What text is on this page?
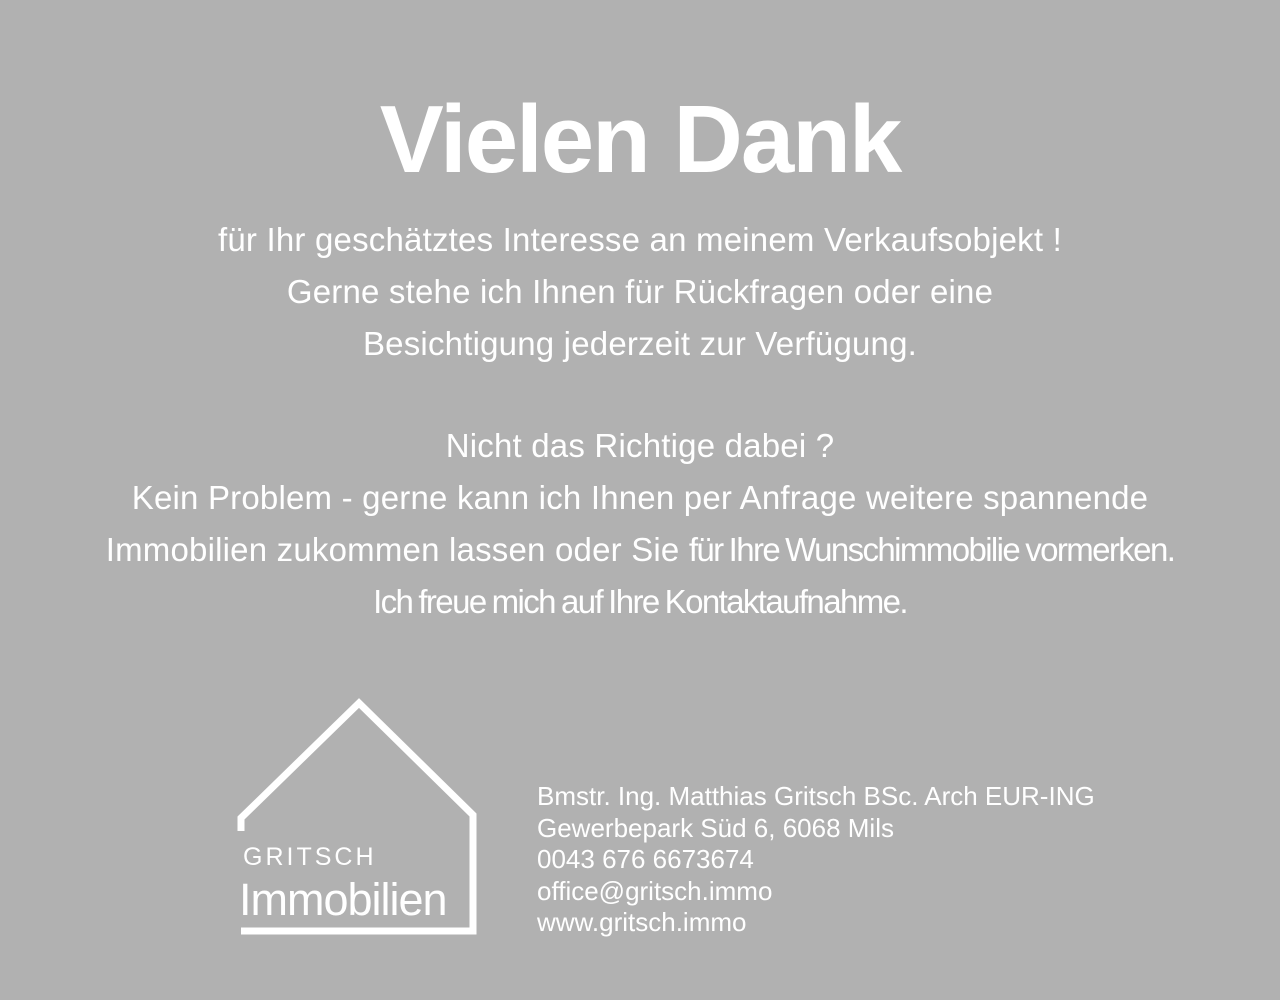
Vielen Dank
für Ihr geschätztes Interesse an meinem Verkaufsobjekt !
Gerne stehe ich Ihnen für Rückfragen oder eine
Besichtigung jederzeit zur Verfügung.
Nicht das Richtige dabei ?
Kein Problem - gerne kann ich Ihnen per Anfrage weitere spannende
Immobilien zukommen lassen oder Sie für Ihre Wunschimmobilie vormerken.
Ich freue mich auf Ihre Kontaktaufnahme.
GRITSCH
Immobilien
Bmstr. Ing. Matthias Gritsch BSc. Arch EUR-ING
Gewerbepark Süd 6, 6068 Mils
0043 676 6673674
office@gritsch.immo
www.gritsch.immo
